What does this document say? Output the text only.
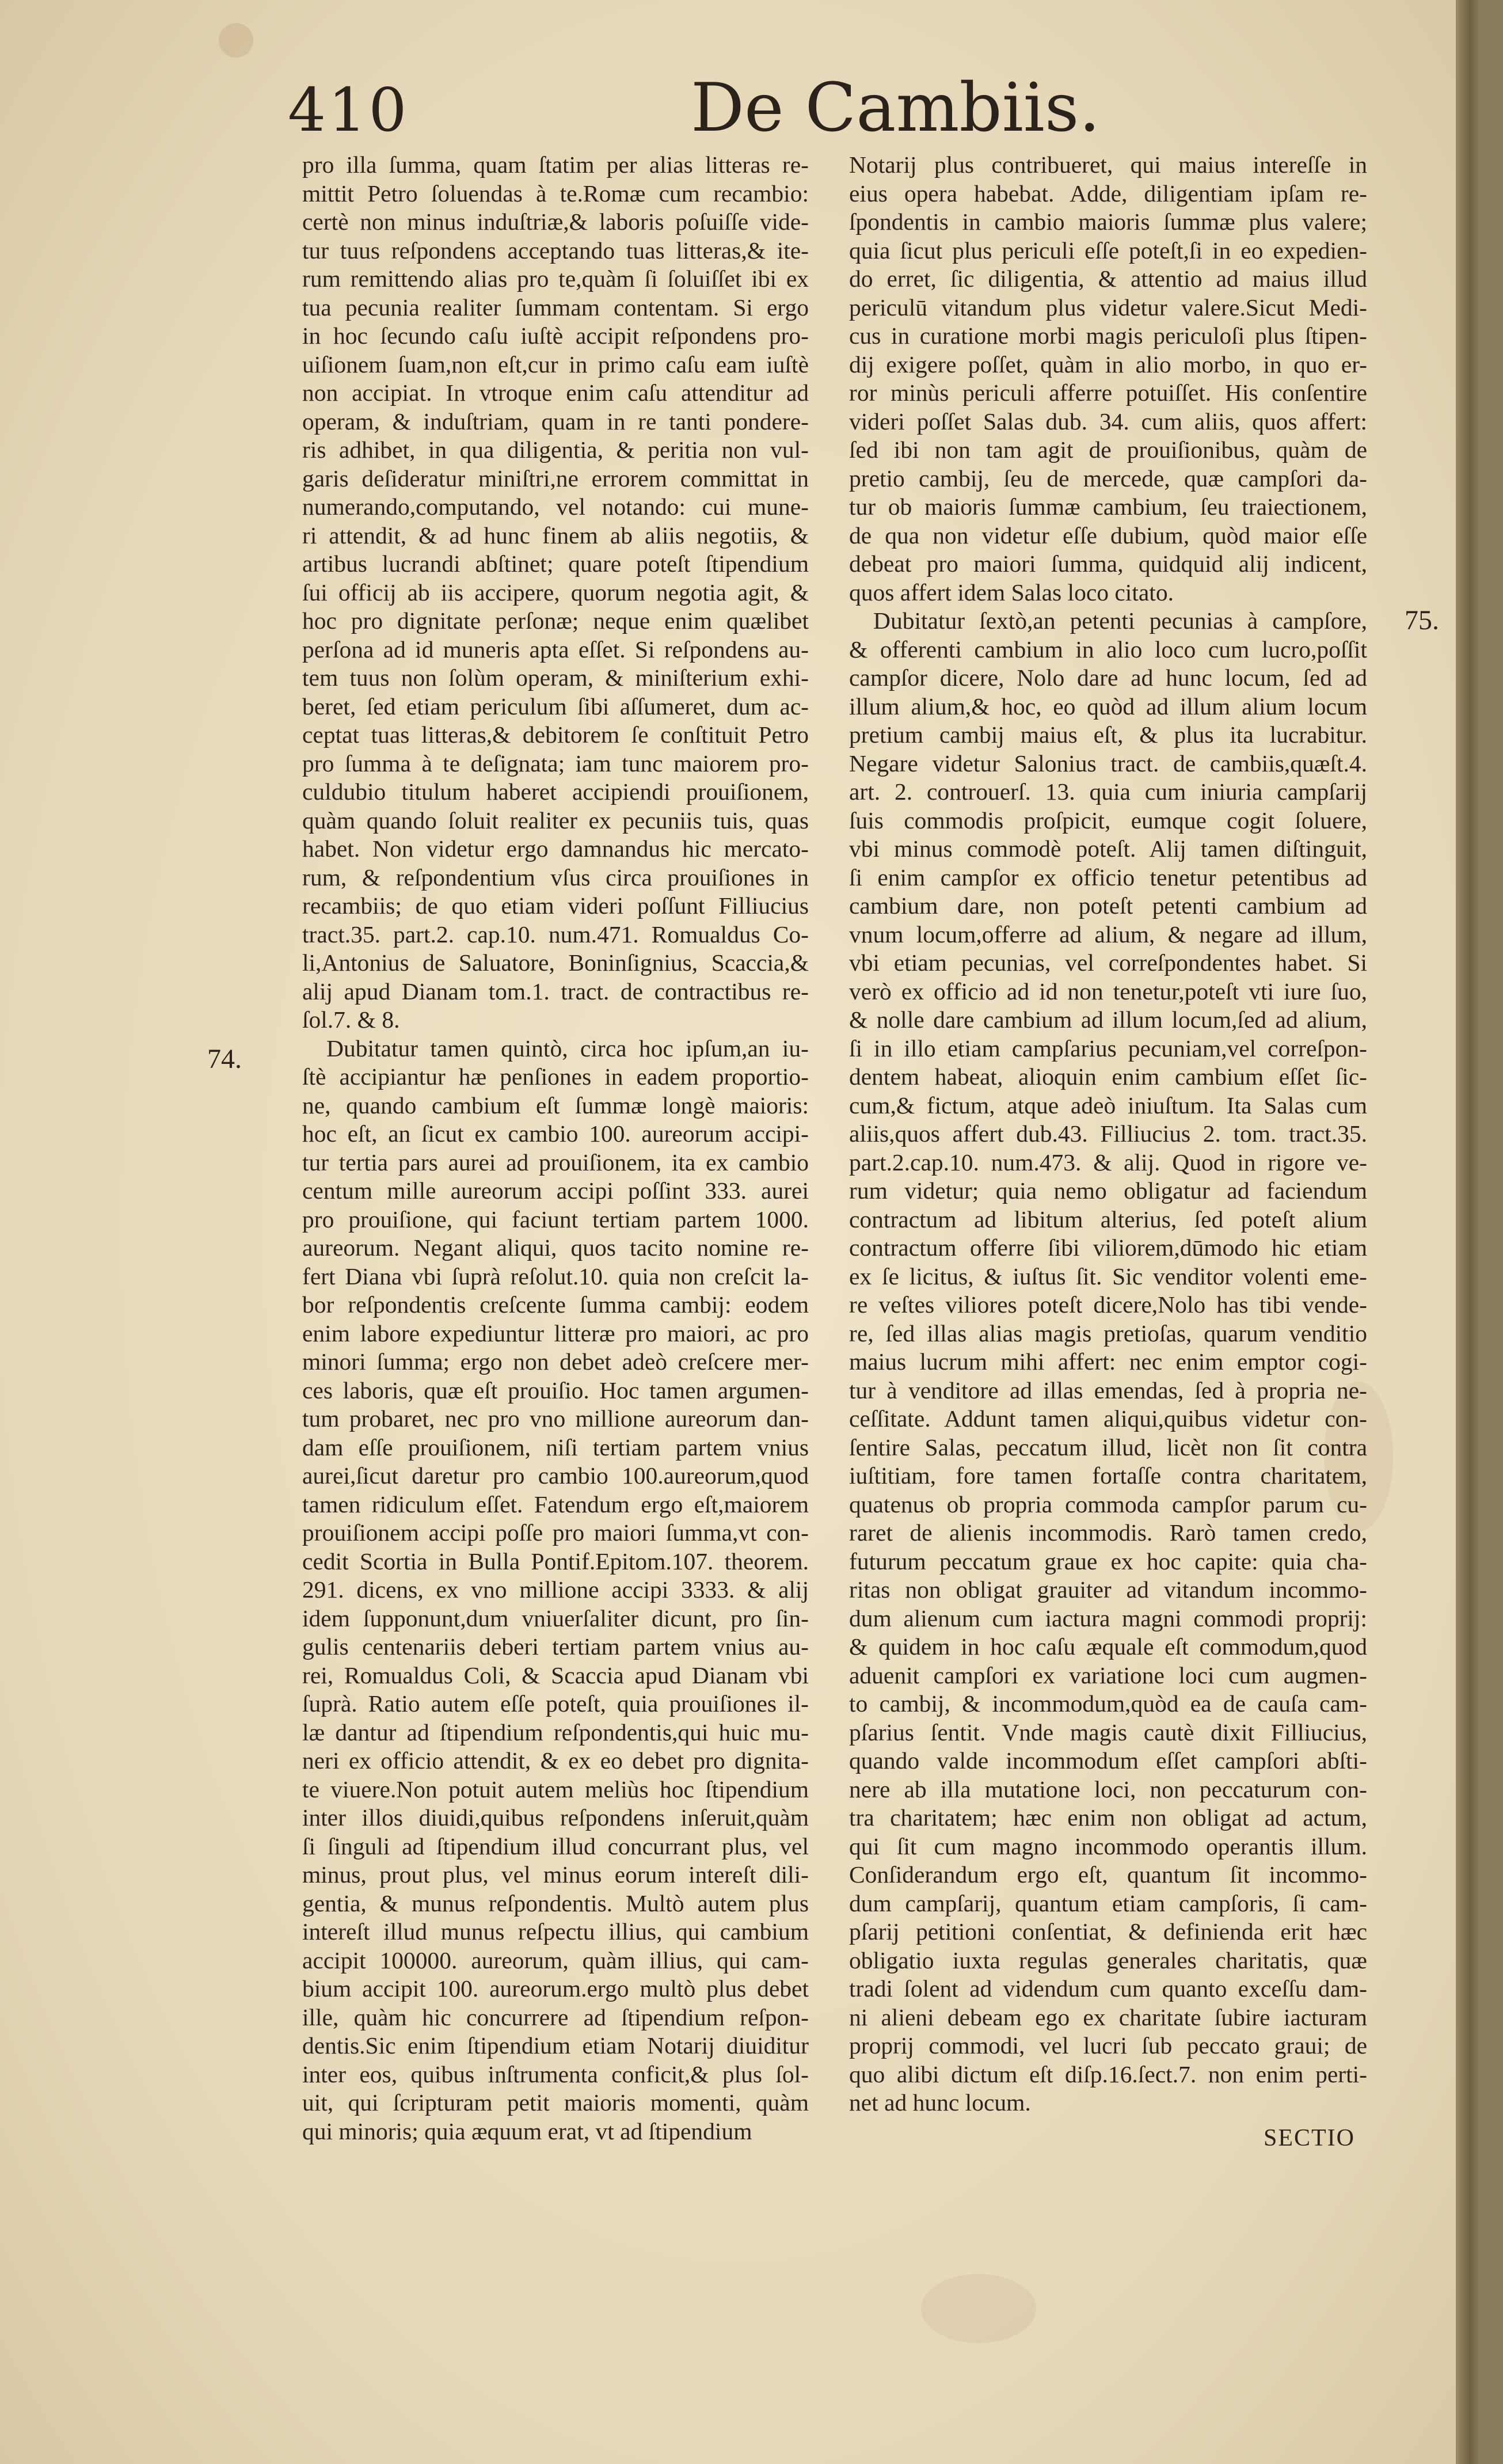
410	De Cambiis.
pro illa ſumma, quam ſtatim per alias litteras re-
mittit Petro ſoluendas à te.Romæ cum recambio:
certè non minus induſtriæ,& laboris poſuiſſe vide-
tur tuus reſpondens acceptando tuas litteras,& ite-
rum remittendo alias pro te,quàm ſi ſoluiſſet ibi ex
tua pecunia realiter ſummam contentam. Si ergo
in hoc ſecundo caſu iuſtè accipit reſpondens pro-
uiſionem ſuam,non eſt,cur in primo caſu eam iuſtè
non accipiat. In vtroque enim caſu attenditur ad
operam, & induſtriam, quam in re tanti pondere-
ris adhibet, in qua diligentia, & peritia non vul-
garis deſideratur miniſtri,ne errorem committat in
numerando,computando, vel notando: cui mune-
ri attendit, & ad hunc finem ab aliis negotiis, &
artibus lucrandi abſtinet; quare poteſt ſtipendium
ſui officij ab iis accipere, quorum negotia agit, &
hoc pro dignitate perſonæ; neque enim quælibet
perſona ad id muneris apta eſſet. Si reſpondens au-
tem tuus non ſolùm operam, & miniſterium exhi-
beret, ſed etiam periculum ſibi aſſumeret, dum ac-
ceptat tuas litteras,& debitorem ſe conſtituit Petro
pro ſumma à te deſignata; iam tunc maiorem pro-
culdubio titulum haberet accipiendi prouiſionem,
quàm quando ſoluit realiter ex pecuniis tuis, quas
habet. Non videtur ergo damnandus hic mercato-
rum, & reſpondentium vſus circa prouiſiones in
recambiis; de quo etiam videri poſſunt Filliucius
tract.35. part.2. cap.10. num.471. Romualdus Co-
li,Antonius de Saluatore, Boninſignius, Scaccia,&
alij apud Dianam tom.1. tract. de contractibus re-
ſol.7. & 8.
Dubitatur tamen quintò, circa hoc ipſum,an iu-
ſtè accipiantur hæ penſiones in eadem proportio-
ne, quando cambium eſt ſummæ longè maioris:
hoc eſt, an ſicut ex cambio 100. aureorum accipi-
tur tertia pars aurei ad prouiſionem, ita ex cambio
centum mille aureorum accipi poſſint 333. aurei
pro prouiſione, qui faciunt tertiam partem 1000.
aureorum. Negant aliqui, quos tacito nomine re-
fert Diana vbi ſuprà reſolut.10. quia non creſcit la-
bor reſpondentis creſcente ſumma cambij: eodem
enim labore expediuntur litteræ pro maiori, ac pro
minori ſumma; ergo non debet adeò creſcere mer-
ces laboris, quæ eſt prouiſio. Hoc tamen argumen-
tum probaret, nec pro vno millione aureorum dan-
dam eſſe prouiſionem, niſi tertiam partem vnius
aurei,ſicut daretur pro cambio 100.aureorum,quod
tamen ridiculum eſſet. Fatendum ergo eſt,maiorem
prouiſionem accipi poſſe pro maiori ſumma,vt con-
cedit Scortia in Bulla Pontif.Epitom.107. theorem.
291. dicens, ex vno millione accipi 3333. & alij
idem ſupponunt,dum vniuerſaliter dicunt, pro ſin-
gulis centenariis deberi tertiam partem vnius au-
rei, Romualdus Coli, & Scaccia apud Dianam vbi
ſuprà. Ratio autem eſſe poteſt, quia prouiſiones il-
læ dantur ad ſtipendium reſpondentis,qui huic mu-
neri ex officio attendit, & ex eo debet pro dignita-
te viuere.Non potuit autem meliùs hoc ſtipendium
inter illos diuidi,quibus reſpondens inſeruit,quàm
ſi ſinguli ad ſtipendium illud concurrant plus, vel
minus, prout plus, vel minus eorum intereſt dili-
gentia, & munus reſpondentis. Multò autem plus
intereſt illud munus reſpectu illius, qui cambium
accipit 100000. aureorum, quàm illius, qui cam-
bium accipit 100. aureorum.ergo multò plus debet
ille, quàm hic concurrere ad ſtipendium reſpon-
dentis.Sic enim ſtipendium etiam Notarij diuiditur
inter eos, quibus inſtrumenta conficit,& plus ſol-
uit, qui ſcripturam petit maioris momenti, quàm
qui minoris; quia æquum erat, vt ad ſtipendium
Notarij plus contribueret, qui maius intereſſe in
eius opera habebat. Adde, diligentiam ipſam re-
ſpondentis in cambio maioris ſummæ plus valere;
quia ſicut plus periculi eſſe poteſt,ſi in eo expedien-
do erret, ſic diligentia, & attentio ad maius illud
periculū vitandum plus videtur valere.Sicut Medi-
cus in curatione morbi magis periculoſi plus ſtipen-
dij exigere poſſet, quàm in alio morbo, in quo er-
ror minùs periculi afferre potuiſſet. His conſentire
videri poſſet Salas dub. 34. cum aliis, quos affert:
ſed ibi non tam agit de prouiſionibus, quàm de
pretio cambij, ſeu de mercede, quæ campſori da-
tur ob maioris ſummæ cambium, ſeu traiectionem,
de qua non videtur eſſe dubium, quòd maior eſſe
debeat pro maiori ſumma, quidquid alij indicent,
quos affert idem Salas loco citato.
Dubitatur ſextò,an petenti pecunias à campſore,
& offerenti cambium in alio loco cum lucro,poſſit
campſor dicere, Nolo dare ad hunc locum, ſed ad
illum alium,& hoc, eo quòd ad illum alium locum
pretium cambij maius eſt, & plus ita lucrabitur.
Negare videtur Salonius tract. de cambiis,quæſt.4.
art. 2. controuerſ. 13. quia cum iniuria campſarij
ſuis commodis proſpicit, eumque cogit ſoluere,
vbi minus commodè poteſt. Alij tamen diſtinguit,
ſi enim campſor ex officio tenetur petentibus ad
cambium dare, non poteſt petenti cambium ad
vnum locum,offerre ad alium, & negare ad illum,
vbi etiam pecunias, vel correſpondentes habet. Si
verò ex officio ad id non tenetur,poteſt vti iure ſuo,
& nolle dare cambium ad illum locum,ſed ad alium,
ſi in illo etiam campſarius pecuniam,vel correſpon-
dentem habeat, alioquin enim cambium eſſet ſic-
cum,& fictum, atque adeò iniuſtum. Ita Salas cum
aliis,quos affert dub.43. Filliucius 2. tom. tract.35.
part.2.cap.10. num.473. & alij. Quod in rigore ve-
rum videtur; quia nemo obligatur ad faciendum
contractum ad libitum alterius, ſed poteſt alium
contractum offerre ſibi viliorem,dūmodo hic etiam
ex ſe licitus, & iuſtus ſit. Sic venditor volenti eme-
re veſtes viliores poteſt dicere,Nolo has tibi vende-
re, ſed illas alias magis pretioſas, quarum venditio
maius lucrum mihi affert: nec enim emptor cogi-
tur à venditore ad illas emendas, ſed à propria ne-
ceſſitate. Addunt tamen aliqui,quibus videtur con-
ſentire Salas, peccatum illud, licèt non ſit contra
iuſtitiam, fore tamen fortaſſe contra charitatem,
quatenus ob propria commoda campſor parum cu-
raret de alienis incommodis. Rarò tamen credo,
futurum peccatum graue ex hoc capite: quia cha-
ritas non obligat grauiter ad vitandum incommo-
dum alienum cum iactura magni commodi proprij:
& quidem in hoc caſu æquale eſt commodum,quod
aduenit campſori ex variatione loci cum augmen-
to cambij, & incommodum,quòd ea de cauſa cam-
pſarius ſentit. Vnde magis cautè dixit Filliucius,
quando valde incommodum eſſet campſori abſti-
nere ab illa mutatione loci, non peccaturum con-
tra charitatem; hæc enim non obligat ad actum,
qui ſit cum magno incommodo operantis illum.
Conſiderandum ergo eſt, quantum ſit incommo-
dum campſarij, quantum etiam campſoris, ſi cam-
pſarij petitioni conſentiat, & definienda erit hæc
obligatio iuxta regulas generales charitatis, quæ
tradi ſolent ad videndum cum quanto exceſſu dam-
ni alieni debeam ego ex charitate ſubire iacturam
proprij commodi, vel lucri ſub peccato graui; de
quo alibi dictum eſt diſp.16.ſect.7. non enim perti-
net ad hunc locum.
74.
75.
SECTIO
